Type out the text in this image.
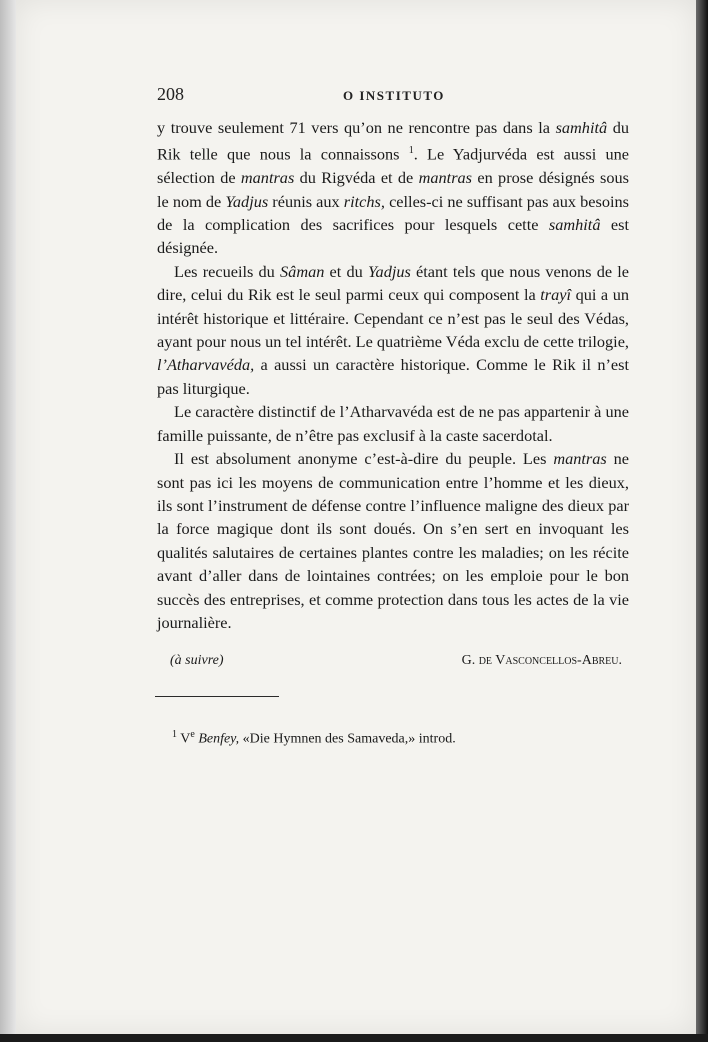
208	O INSTITUTO

y trouve seulement 71 vers qu’on ne rencontre pas dans la samhitâ du Rik telle que nous la connaissons $^1$. Le Yadjurvéda est aussi une sélection de mantras du Rigvéda et de mantras en prose désignés sous le nom de Yadjus réunis aux ritchs, celles-ci ne suffisant pas aux besoins de la complication des sacrifices pour lesquels cette samhitâ est désignée.

Les recueils du Sâman et du Yadjus étant tels que nous venons de le dire, celui du Rik est le seul parmi ceux qui composent la trayî qui a un intérêt historique et littéraire. Cependant ce n’est pas le seul des Védas, ayant pour nous un tel intérêt. Le quatrième Véda exclu de cette trilogie, l’Atharvavéda, a aussi un caractère historique. Comme le Rik il n’est pas liturgique.

Le caractère distinctif de l’Atharvavéda est de ne pas appartenir à une famille puissante, de n’être pas exclusif à la caste sacerdotal.

Il est absolument anonyme c’est-à-dire du peuple. Les mantras ne sont pas ici les moyens de communication entre l’homme et les dieux, ils sont l’instrument de défense contre l’influence maligne des dieux par la force magique dont ils sont doués. On s’en sert en invoquant les qualités salutaires de certaines plantes contre les maladies; on les récite avant d’aller dans de lointaines contrées; on les emploie pour le bon succès des entreprises, et comme protection dans tous les actes de la vie journalière.

(à suivre)	G. de Vasconcellos-Abreu.
$^1$ Ve Benfey, «Die Hymnen des Samaveda,» introd.
